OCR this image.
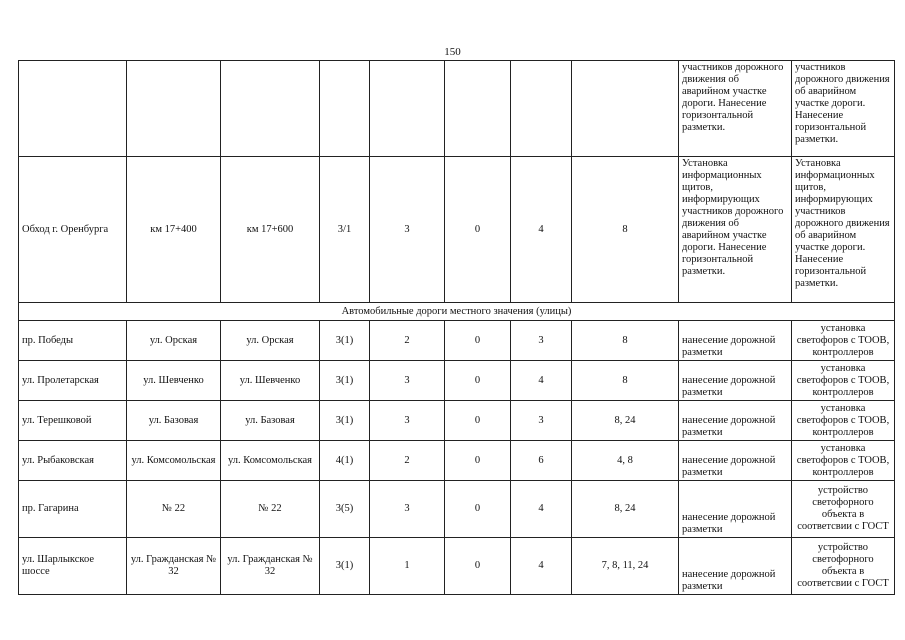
150
								участников дорожного движения об аварийном участке дороги. Нанесение горизонтальной разметки.	участников дорожного движения об аварийном участке дороги. Нанесение горизонтальной разметки.
Обход г. Оренбурга	км 17+400	км 17+600	3/1	3	0	4	8	Установка информационных щитов, информирующих участников дорожного движения об аварийном участке дороги. Нанесение горизонтальной разметки.	Установка информационных щитов, информирующих участников дорожного движения об аварийном участке дороги. Нанесение горизонтальной разметки.
Автомобильные дороги местного значения (улицы)									
пр. Победы	ул. Орская	ул. Орская	3(1)	2	0	3	8	нанесение дорожной разметки	установка светофоров с ТООВ, контроллеров
ул. Пролетарская	ул. Шевченко	ул. Шевченко	3(1)	3	0	4	8	нанесение дорожной разметки	установка светофоров с ТООВ, контроллеров
ул. Терешковой	ул. Базовая	ул. Базовая	3(1)	3	0	3	8, 24	нанесение дорожной разметки	установка светофоров с ТООВ, контроллеров
ул. Рыбаковская	ул. Комсомольская	ул. Комсомольская	4(1)	2	0	6	4, 8	нанесение дорожной разметки	установка светофоров с ТООВ, контроллеров
пр. Гагарина	№ 22	№ 22	3(5)	3	0	4	8, 24	нанесение дорожной разметки	устройство светофорного объекта в соответсвии с ГОСТ
ул. Шарлыкское шоссе	ул. Гражданская № 32	ул. Гражданская № 32	3(1)	1	0	4	7, 8, 11, 24	нанесение дорожной разметки	устройство светофорного объекта в соответсвии с ГОСТ
